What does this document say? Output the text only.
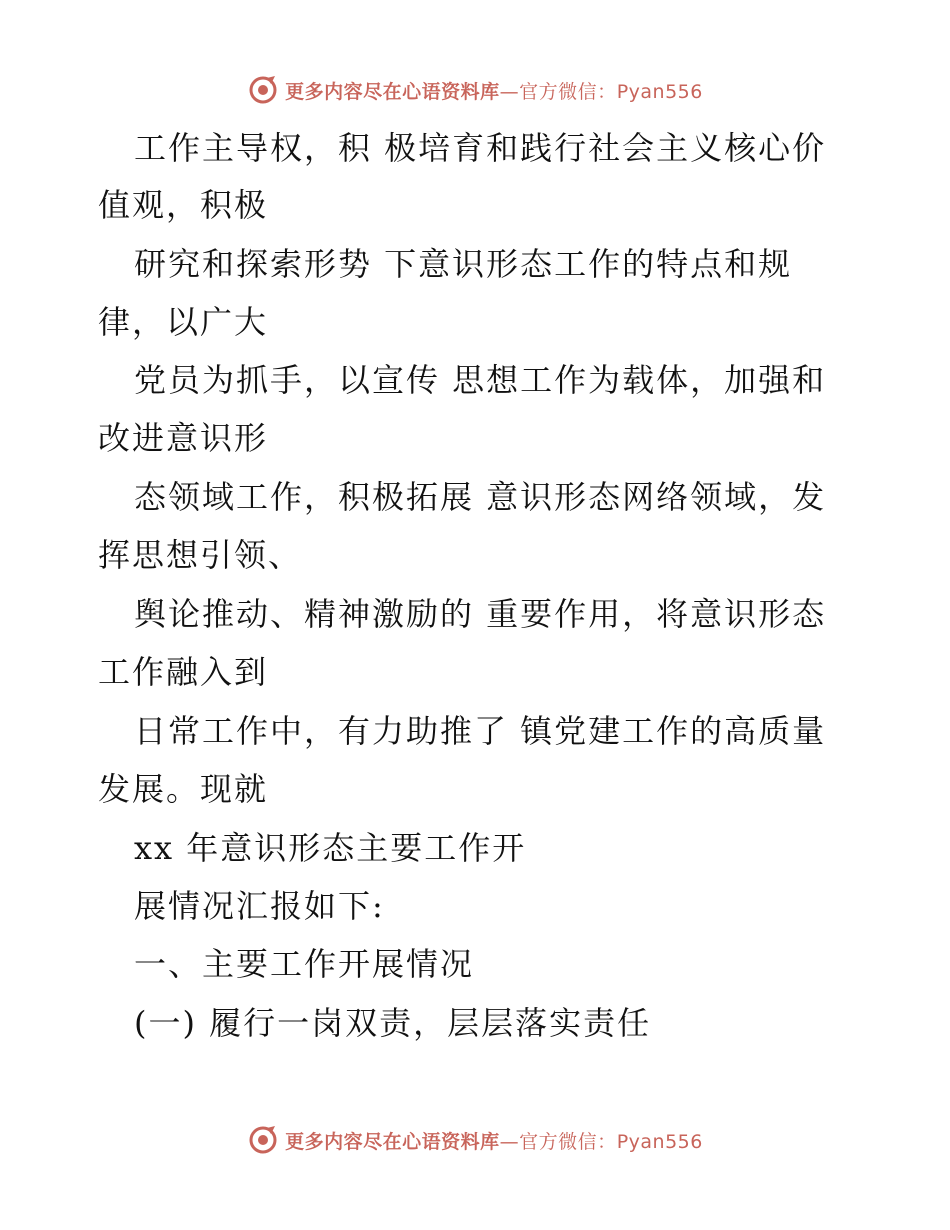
更多内容尽在心语资料库—官方微信：Pyan556
工作主导权，积 极培育和践行社会主义核心价
值观，积极
研究和探索形势 下意识形态工作的特点和规
律，以广大
党员为抓手，以宣传 思想工作为载体，加强和
改进意识形
态领域工作，积极拓展 意识形态网络领域，发
挥思想引领、
舆论推动、精神激励的 重要作用，将意识形态
工作融入到
日常工作中，有力助推了 镇党建工作的高质量
发展。现就
xx 年意识形态主要工作开
展情况汇报如下:
一、主要工作开展情况
(一) 履行一岗双责，层层落实责任
更多内容尽在心语资料库—官方微信：Pyan556
